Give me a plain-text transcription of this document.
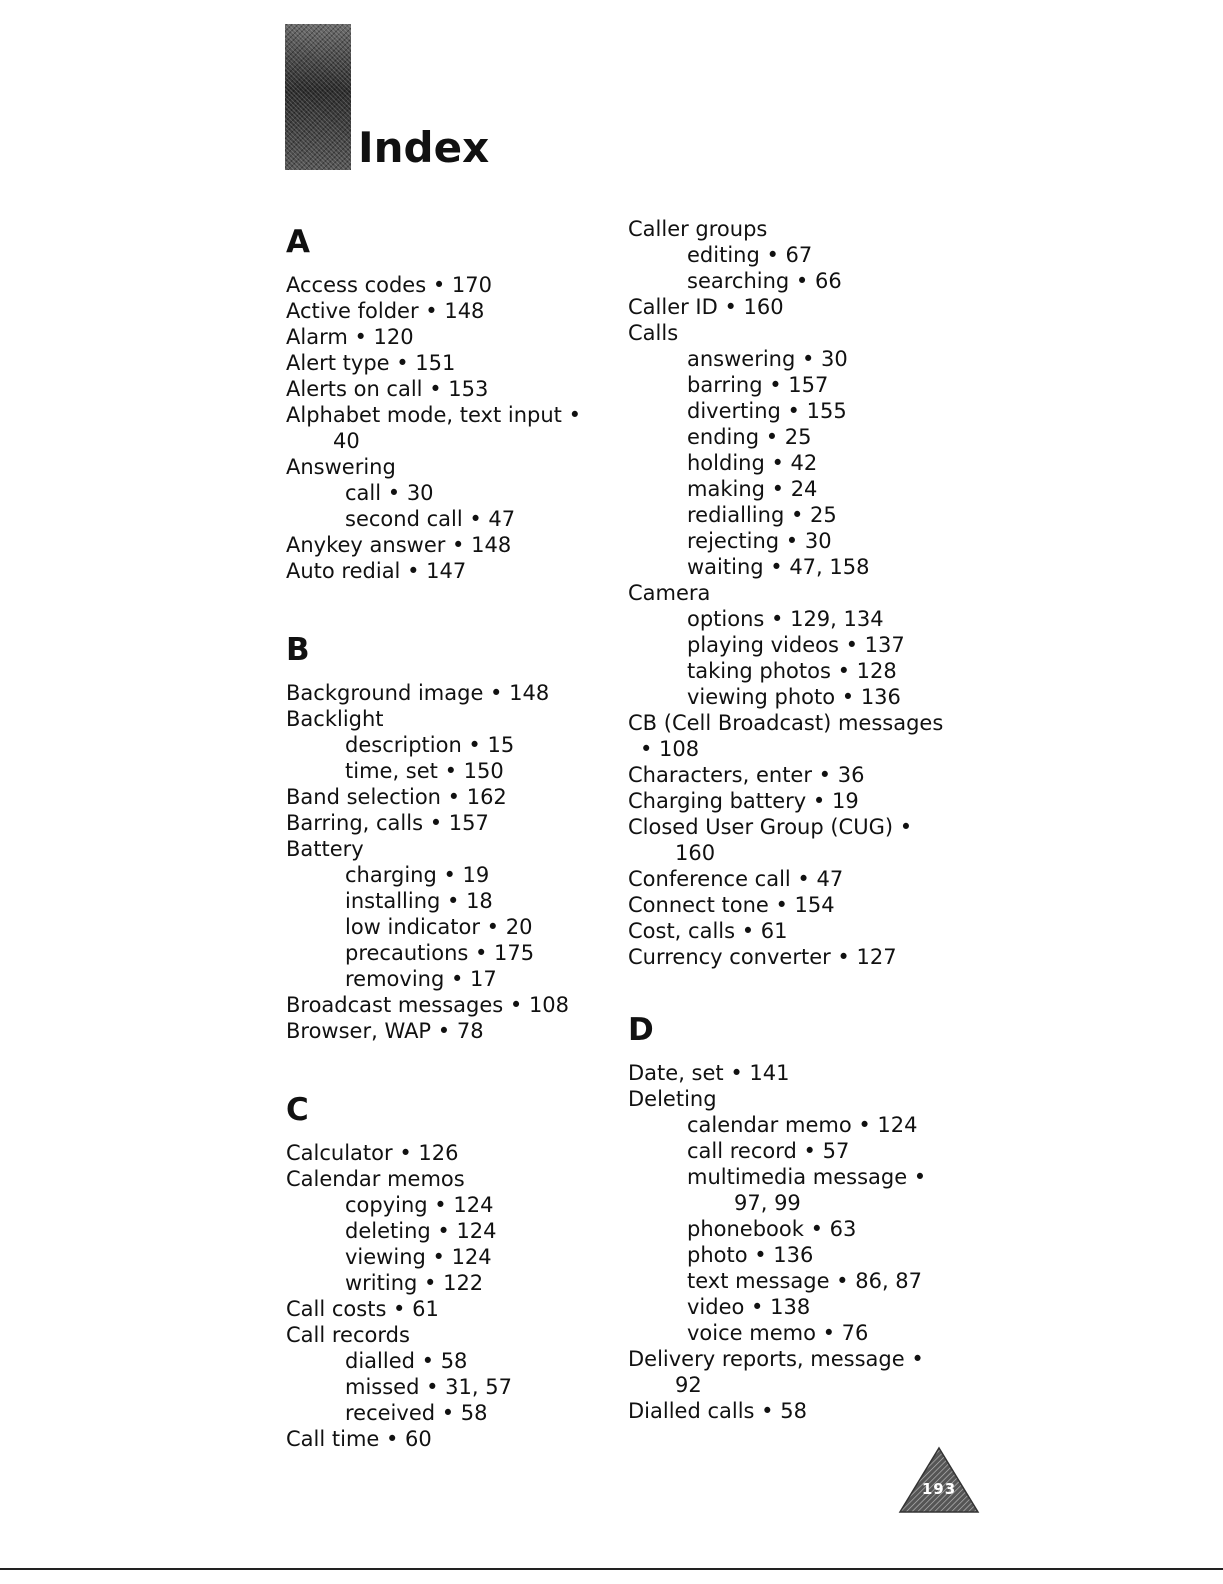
Index
A
Access codes • 170
Active folder • 148
Alarm • 120
Alert type • 151
Alerts on call • 153
Alphabet mode, text input •
40
Answering
call • 30
second call • 47
Anykey answer • 148
Auto redial • 147
B
Background image • 148
Backlight
description • 15
time, set • 150
Band selection • 162
Barring, calls • 157
Battery
charging • 19
installing • 18
low indicator • 20
precautions • 175
removing • 17
Broadcast messages • 108
Browser, WAP • 78
C
Calculator • 126
Calendar memos
copying • 124
deleting • 124
viewing • 124
writing • 122
Call costs • 61
Call records
dialled • 58
missed • 31, 57
received • 58
Call time • 60
Caller groups
editing • 67
searching • 66
Caller ID • 160
Calls
answering • 30
barring • 157
diverting • 155
ending • 25
holding • 42
making • 24
redialling • 25
rejecting • 30
waiting • 47, 158
Camera
options • 129, 134
playing videos • 137
taking photos • 128
viewing photo • 136
CB (Cell Broadcast) messages
• 108
Characters, enter • 36
Charging battery • 19
Closed User Group (CUG) •
160
Conference call • 47
Connect tone • 154
Cost, calls • 61
Currency converter • 127
D
Date, set • 141
Deleting
calendar memo • 124
call record • 57
multimedia message •
97, 99
phonebook • 63
photo • 136
text message • 86, 87
video • 138
voice memo • 76
Delivery reports, message •
92
Dialled calls • 58
193
